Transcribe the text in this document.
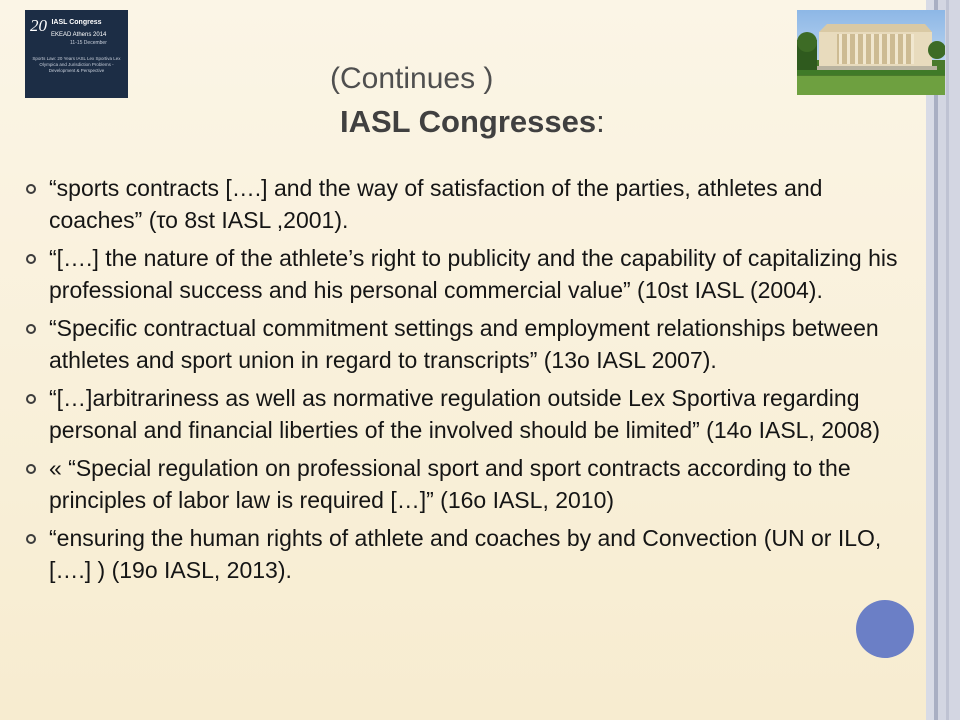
20 IASL Congress
EKEAD Athens 2014
11-15 December
Sports Law: 20 Years IASL Lex Sportiva Lex Olympica and Jurisdiction Problems - Development & Perspective	(Continues )
IASL Congresses:
“sports contracts [….] and the way of satisfaction of the parties, athletes and coaches” (το 8st IASL ,2001).
“[….] the nature of the athlete’s right to publicity and the capability of capitalizing his professional success and his personal commercial value” (10st IASL (2004).
“Specific contractual commitment settings and employment relationships between athletes and sport union in regard to transcripts” (13o IASL 2007).
“[…]arbitrariness as well as normative regulation outside Lex Sportiva regarding personal and financial liberties of the involved should be limited” (14o IASL, 2008)
« “Special regulation on professional sport and sport contracts according to the principles of labor law is required […]” (16o IASL, 2010)
“ensuring the human rights of athlete and coaches by and Convection (UN or ILO, [….] ) (19o IASL, 2013).
